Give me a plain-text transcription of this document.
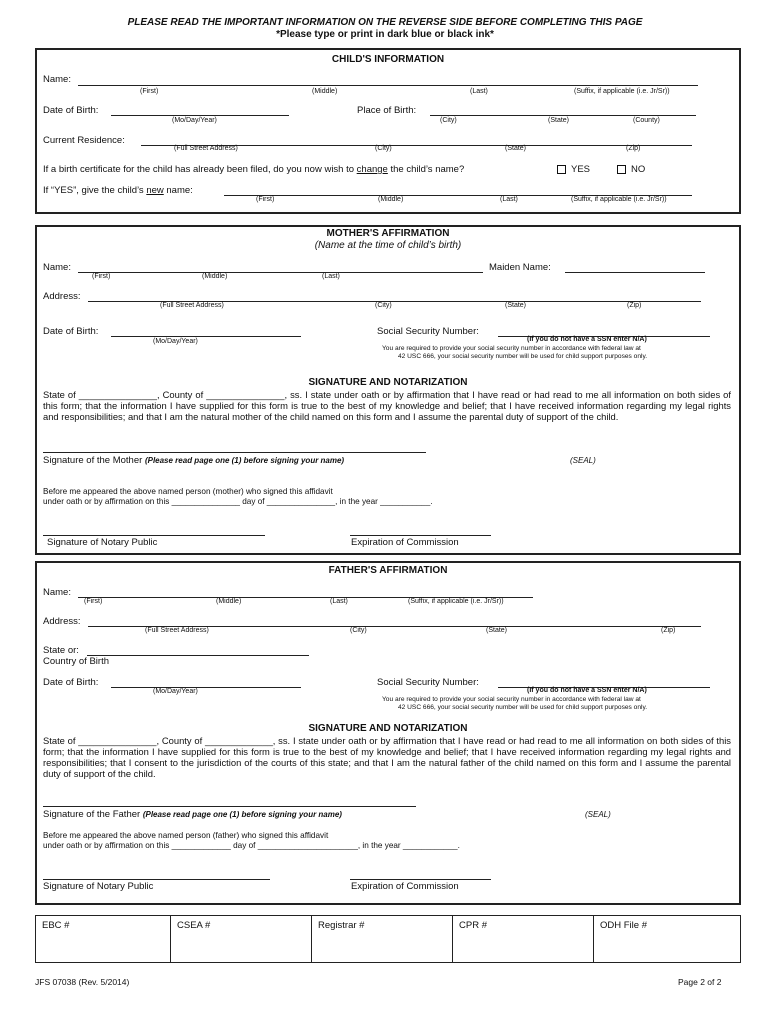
PLEASE READ THE IMPORTANT INFORMATION ON THE REVERSE SIDE BEFORE COMPLETING THIS PAGE
*Please type or print in dark blue or black ink*
CHILD'S INFORMATION
Name:
(First)	(Middle)	(Last)	(Suffix, if applicable (i.e. Jr/Sr))
Date of Birth:
(Mo/Day/Year)
Place of Birth:
(City)	(State)	(County)
Current Residence:
(Full Street Address)	(City)	(State)	(Zip)
If a birth certificate for the child has already been filed, do you now wish to change the child’s name?	YES	NO
If “YES”, give the child’s new name:
(First)	(Middle)	(Last)	(Suffix, if applicable (i.e. Jr/Sr))
MOTHER'S AFFIRMATION
(Name at the time of child’s birth)
Name:
(First)	(Middle)	(Last)
Maiden Name:
Address:
(Full Street Address)	(City)	(State)	(Zip)
Date of Birth:
(Mo/Day/Year)
Social Security Number:
(If you do not have a SSN enter N/A)
You are required to provide your social security number in accordance with federal law at
42 USC 666, your social security number will be used for child support purposes only.
SIGNATURE AND NOTARIZATION
State of _______________, County of _______________, ss. I state under oath or by affirmation that I have read or had read to me all information on both sides of this form; that the information I have supplied for this form is true to the best of my knowledge and belief; that I have received information regarding my legal rights and responsibilities; and that I am the natural mother of the child named on this form and I assume the parental duty of support of the child.
Signature of the Mother (Please read page one (1) before signing your name)	(SEAL)
Before me appeared the above named person (mother) who signed this affidavit
under oath or by affirmation on this _______________ day of _______________, in the year ___________.
Signature of Notary Public	Expiration of Commission
FATHER'S AFFIRMATION
Name:
(First)	(Middle)	(Last)	(Suffix, if applicable (i.e. Jr/Sr))
Address:
(Full Street Address)	(City)	(State)	(Zip)
State or:
Country of Birth
Date of Birth:
(Mo/Day/Year)
Social Security Number:
(If you do not have a SSN enter N/A)
You are required to provide your social security number in accordance with federal law at
42 USC 666, your social security number will be used for child support purposes only.
SIGNATURE AND NOTARIZATION
State of _______________, County of _____________, ss. I state under oath or by affirmation that I have read or had read to me all information on both sides of this form; that the information I have supplied for this form is true to the best of my knowledge and belief; that I have received information regarding my legal rights and responsibilities; that I consent to the jurisdiction of the courts of this state; and that I am the natural father of the child named on this form and I assume the parental duty of support of the child.
Signature of the Father (Please read page one (1) before signing your name)	(SEAL)
Before me appeared the above named person (father) who signed this affidavit
under oath or by affirmation on this _____________ day of ______________________, in the year ____________.
Signature of Notary Public	Expiration of Commission
EBC #	CSEA #	Registrar #	CPR #	ODH File #
JFS 07038 (Rev. 5/2014)	Page 2 of 2
